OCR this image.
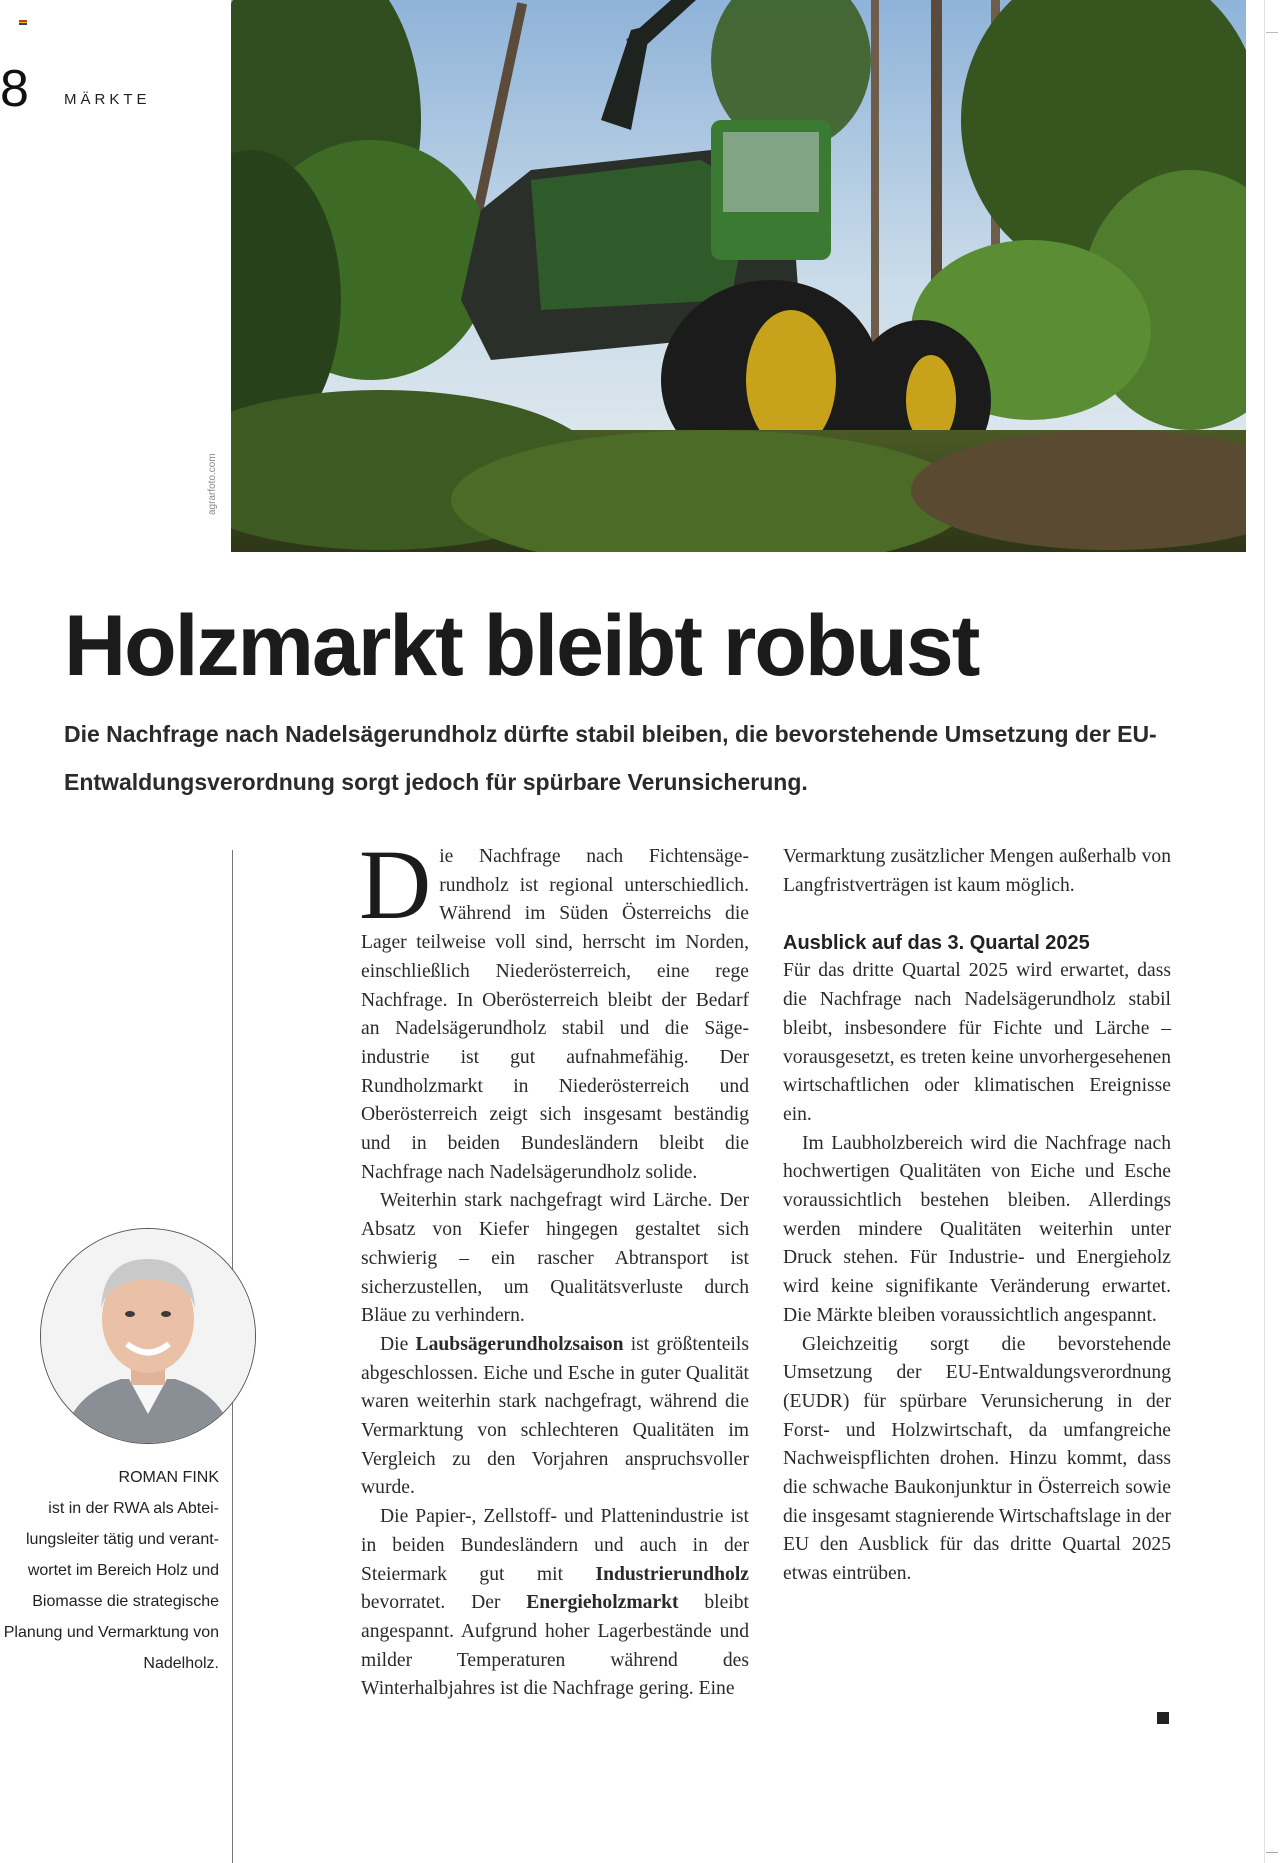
8 MÄRKTE
agrarfoto.com
Holzmarkt bleibt robust

Die Nachfrage nach Nadelsägerundholz dürfte stabil bleiben, die bevorstehende Umsetzung der EU-Entwaldungsverordnung sorgt jedoch für spürbare Verunsicherung.

ROMAN FINK
ist in der RWA als Abteilungsleiter tätig und verantwortet im Bereich Holz und Biomasse die strategische Planung und Vermarktung von Nadelholz.

Die Nachfrage nach Fichtensägerundholz ist regional unterschiedlich. Während im Süden Österreichs die Lager teilweise voll sind, herrscht im Norden, einschließlich Niederösterreich, eine rege Nachfrage. In Oberösterreich bleibt der Bedarf an Nadelsägerundholz stabil und die Sägeindustrie ist gut aufnahmefähig. Der Rundholzmarkt in Niederösterreich und Oberösterreich zeigt sich insgesamt beständig und in beiden Bundesländern bleibt die Nachfrage nach Nadelsägerundholz solide.

Weiterhin stark nachgefragt wird Lärche. Der Absatz von Kiefer hingegen gestaltet sich schwierig – ein rascher Abtransport ist sicherzustellen, um Qualitätsverluste durch Bläue zu verhindern.

Die Laubsägerundholzsaison ist größtenteils abgeschlossen. Eiche und Esche in guter Qualität waren weiterhin stark nachgefragt, während die Vermarktung von schlechteren Qualitäten im Vergleich zu den Vorjahren anspruchsvoller wurde.

Die Papier-, Zellstoff- und Plattenindustrie ist in beiden Bundesländern und auch in der Steiermark gut mit Industrierundholz bevorratet. Der Energieholzmarkt bleibt angespannt. Aufgrund hoher Lagerbestände und milder Temperaturen während des Winterhalbjahres ist die Nachfrage gering. Eine

Vermarktung zusätzlicher Mengen außerhalb von Langfristverträgen ist kaum möglich.

Ausblick auf das 3. Quartal 2025

Für das dritte Quartal 2025 wird erwartet, dass die Nachfrage nach Nadelsägerundholz stabil bleibt, insbesondere für Fichte und Lärche – vorausgesetzt, es treten keine unvorhergesehenen wirtschaftlichen oder klimatischen Ereignisse ein.

Im Laubholzbereich wird die Nachfrage nach hochwertigen Qualitäten von Eiche und Esche voraussichtlich bestehen bleiben. Allerdings werden mindere Qualitäten weiterhin unter Druck stehen. Für Industrie- und Energieholz wird keine signifikante Veränderung erwartet. Die Märkte bleiben voraussichtlich angespannt.

Gleichzeitig sorgt die bevorstehende Umsetzung der EU-Entwaldungsverordnung (EUDR) für spürbare Verunsicherung in der Forst- und Holzwirtschaft, da umfangreiche Nachweispflichten drohen. Hinzu kommt, dass die schwache Baukonjunktur in Österreich sowie die insgesamt stagnierende Wirtschaftslage in der EU den Ausblick für das dritte Quartal 2025 etwas eintrüben.
